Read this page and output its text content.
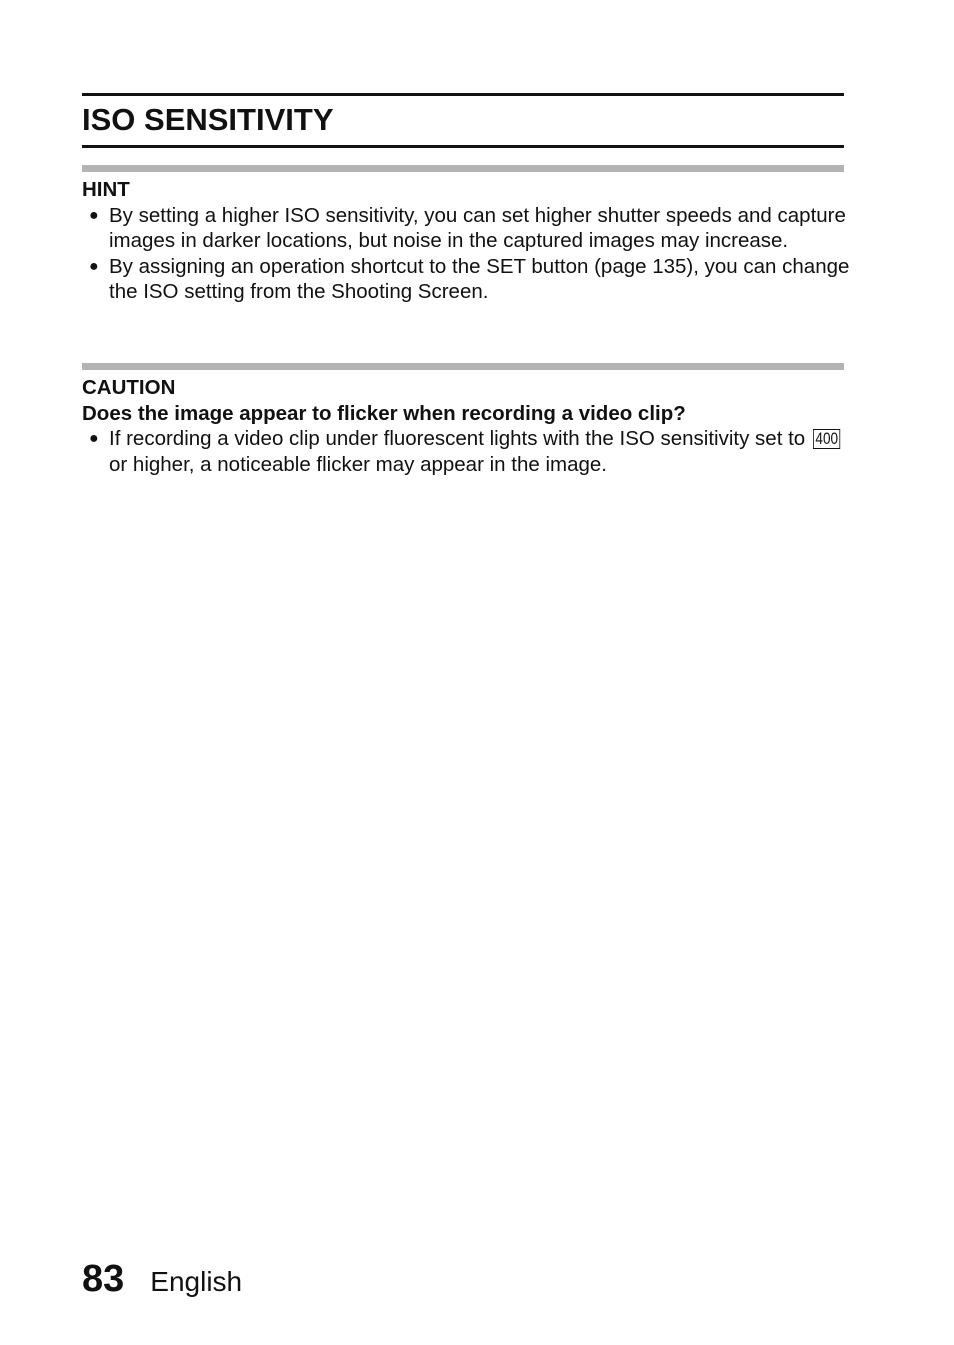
ISO SENSITIVITY

HINT

● By setting a higher ISO sensitivity, you can set higher shutter speeds and capture images in darker locations, but noise in the captured images may increase.
● By assigning an operation shortcut to the SET button (page 135), you can change the ISO setting from the Shooting Screen.

CAUTION

Does the image appear to flicker when recording a video clip?

● If recording a video clip under fluorescent lights with the ISO sensitivity set to 400or higher, a noticeable flicker may appear in the image.
83 English
